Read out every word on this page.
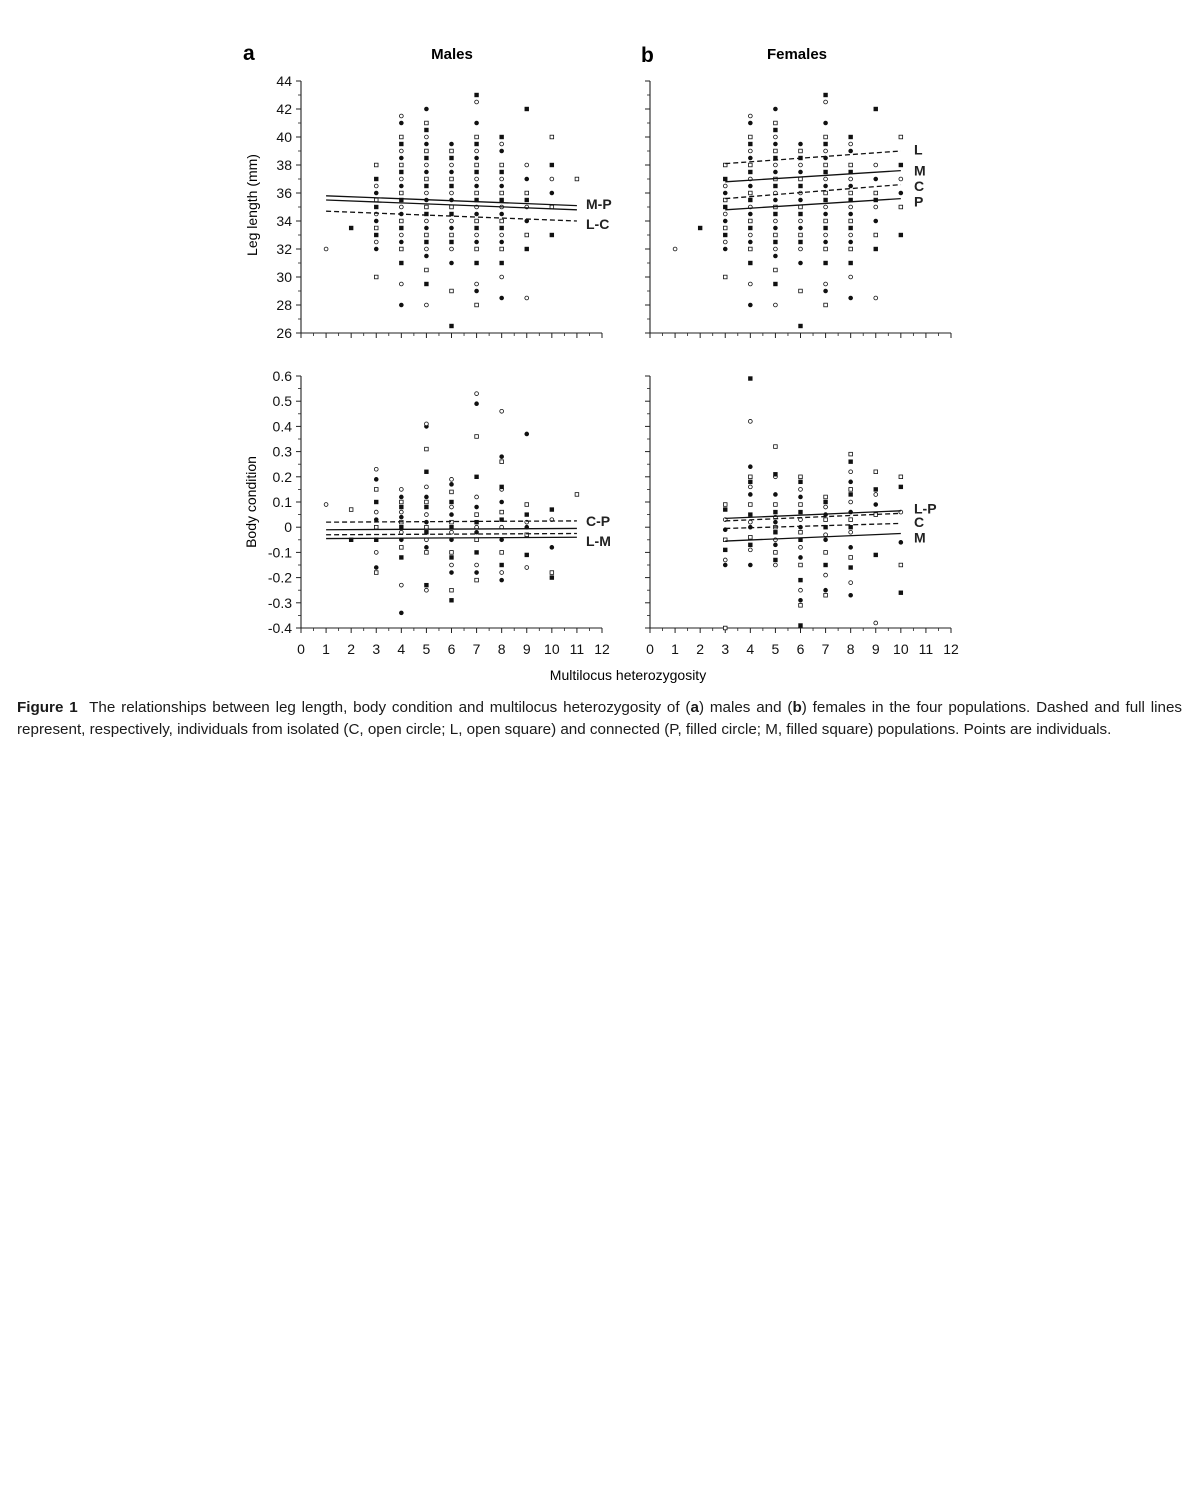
a	b
Males	Females
Leg length (mm)
Body condition
Multilocus heterozygosity
26
28
30
32
34
36
38
40
42
44
M-P
L-C
L
M
C
P
-0.4
-0.3
-0.2
-0.1
0
0.1
0.2
0.3
0.4
0.5
0.6
0 1 2 3 4 5 6 7 8 9 10 11 12
C-P
L-M
0 1 2 3 4 5 6 7 8 9 10 11 12
L-P
C
M
Figure 1 The relationships between leg length, body condition and multilocus heterozygosity of (a) males and (b) females in the four populations. Dashed and full lines represent, respectively, individuals from isolated (C, open circle; L, open square) and connected (P, filled circle; M, filled square) populations. Points are individuals.
